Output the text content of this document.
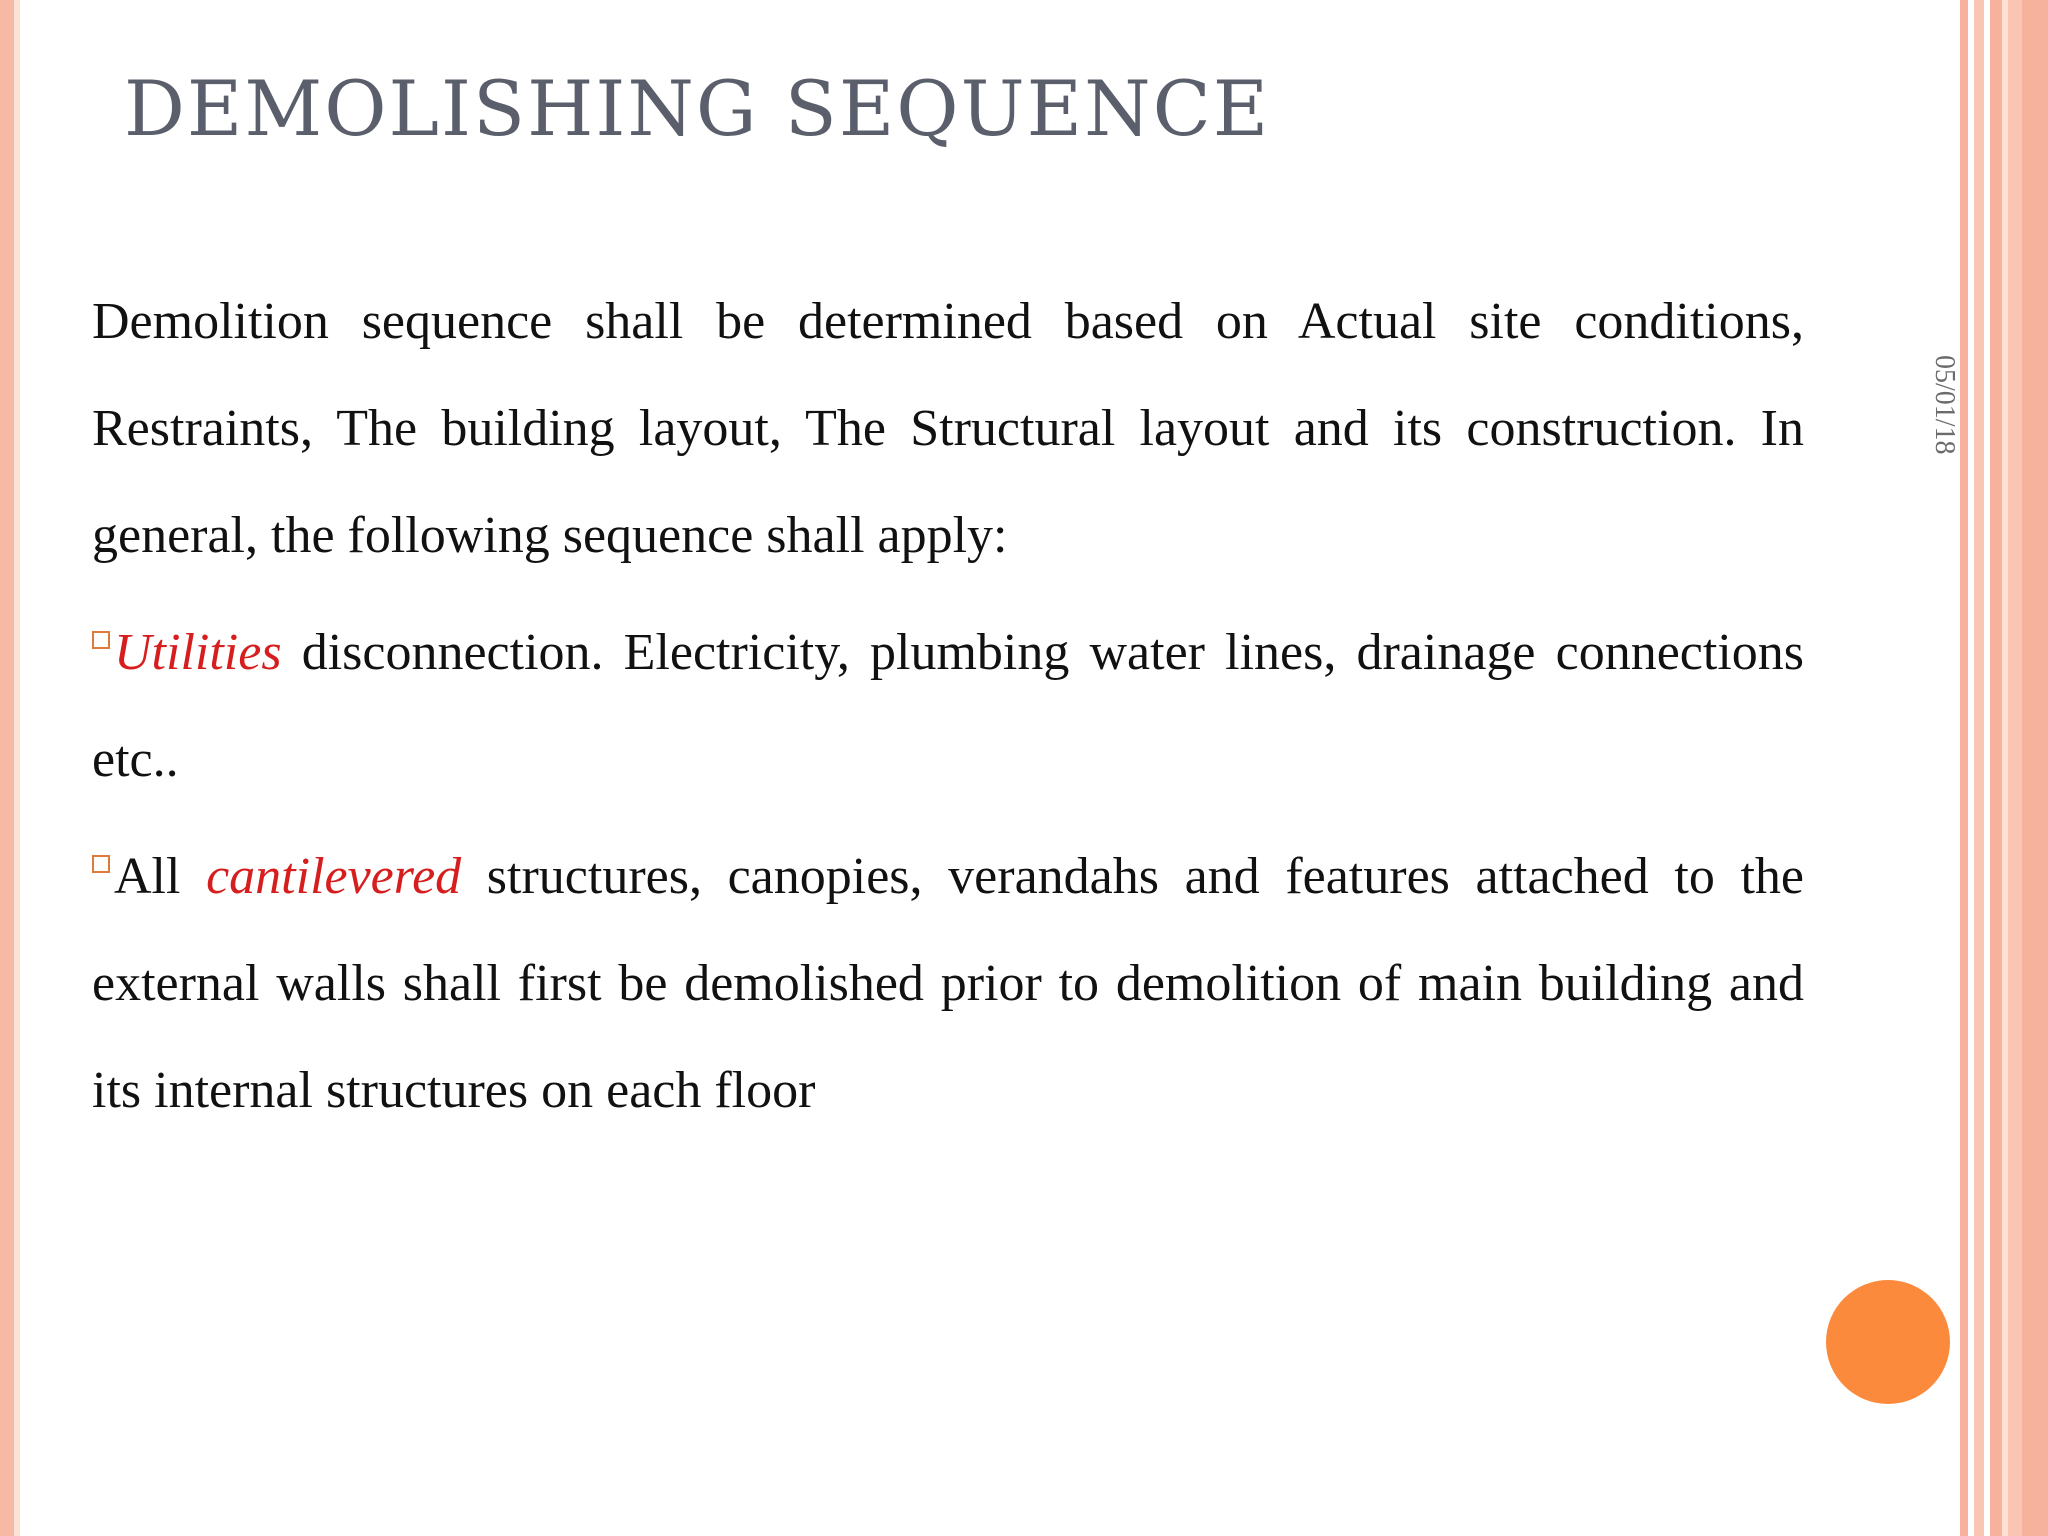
DEMOLISHING SEQUENCE
05/01/18

Demolition sequence shall be determined based on Actual site conditions, Restraints, The building layout, The Structural layout and its construction. In general, the following sequence shall apply:

Utilities disconnection. Electricity, plumbing water lines, drainage connections etc..

All cantilevered structures, canopies, verandahs and features attached to the external walls shall first be demolished prior to demolition of main building and its internal structures on each floor
